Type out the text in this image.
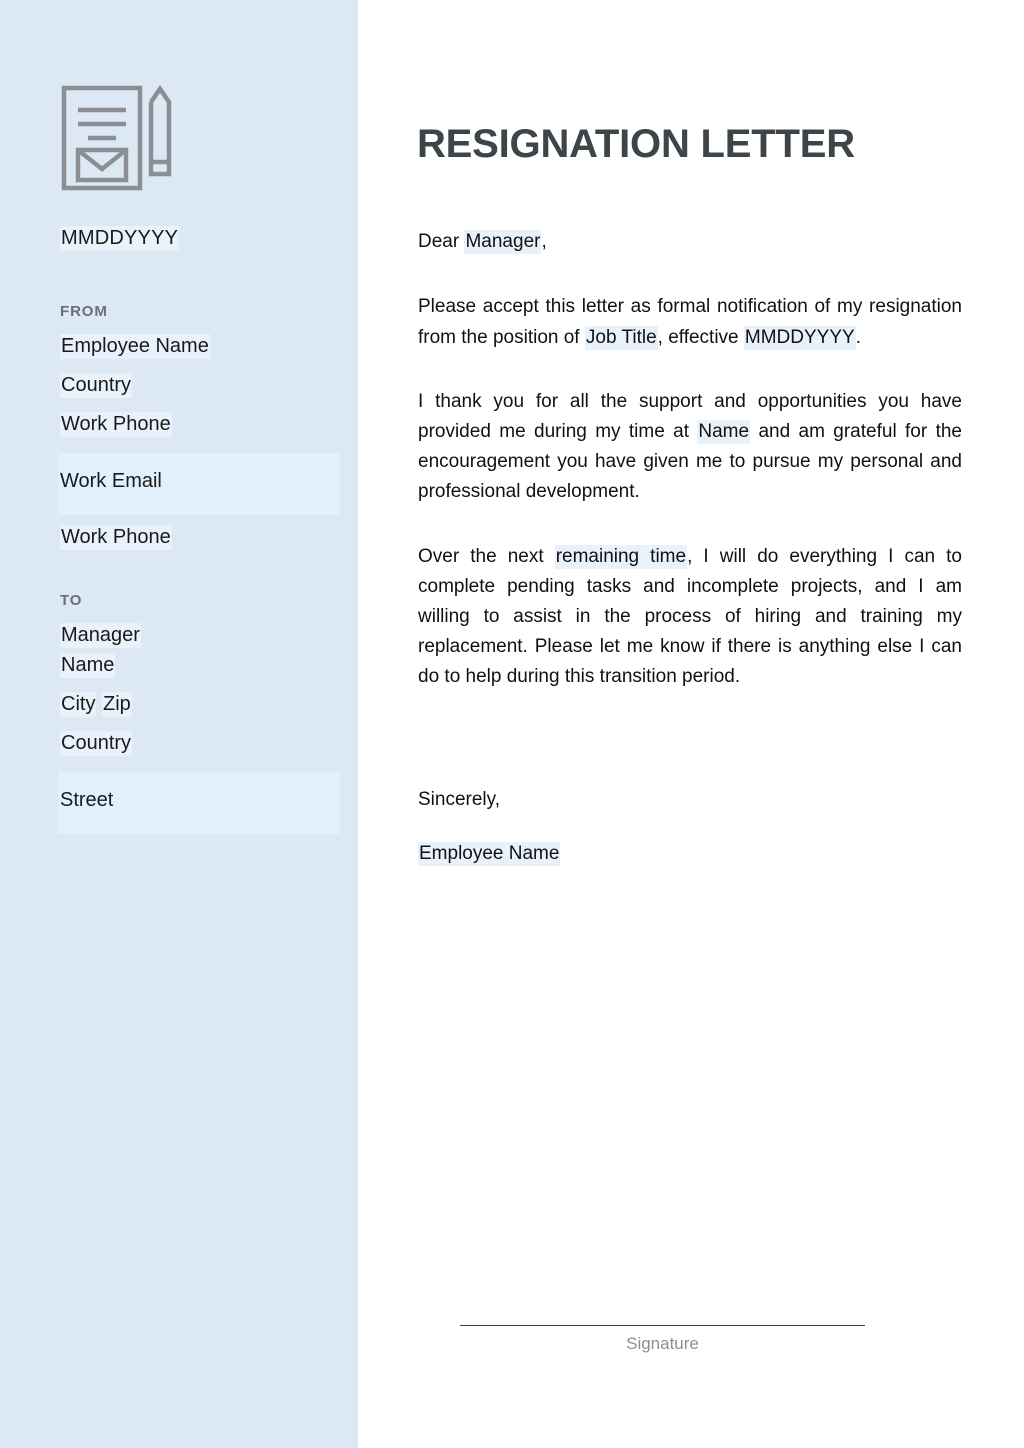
MMDDYYYY
FROM
Employee Name
Country
Work Phone
Work Email
Work Phone
TO
Manager
Name
City Zip
Country
Street
RESIGNATION LETTER

Dear Manager,

Please accept this letter as formal notification of my resignation from the position of Job Title, effective MMDDYYYY.

I thank you for all the support and opportunities you have provided me during my time at Name and am grateful for the encouragement you have given me to pursue my personal and professional development.

Over the next remaining time, I will do everything I can to complete pending tasks and incomplete projects, and I am willing to assist in the process of hiring and training my replacement. Please let me know if there is anything else I can do to help during this transition period.

Sincerely,

Employee Name

Signature
